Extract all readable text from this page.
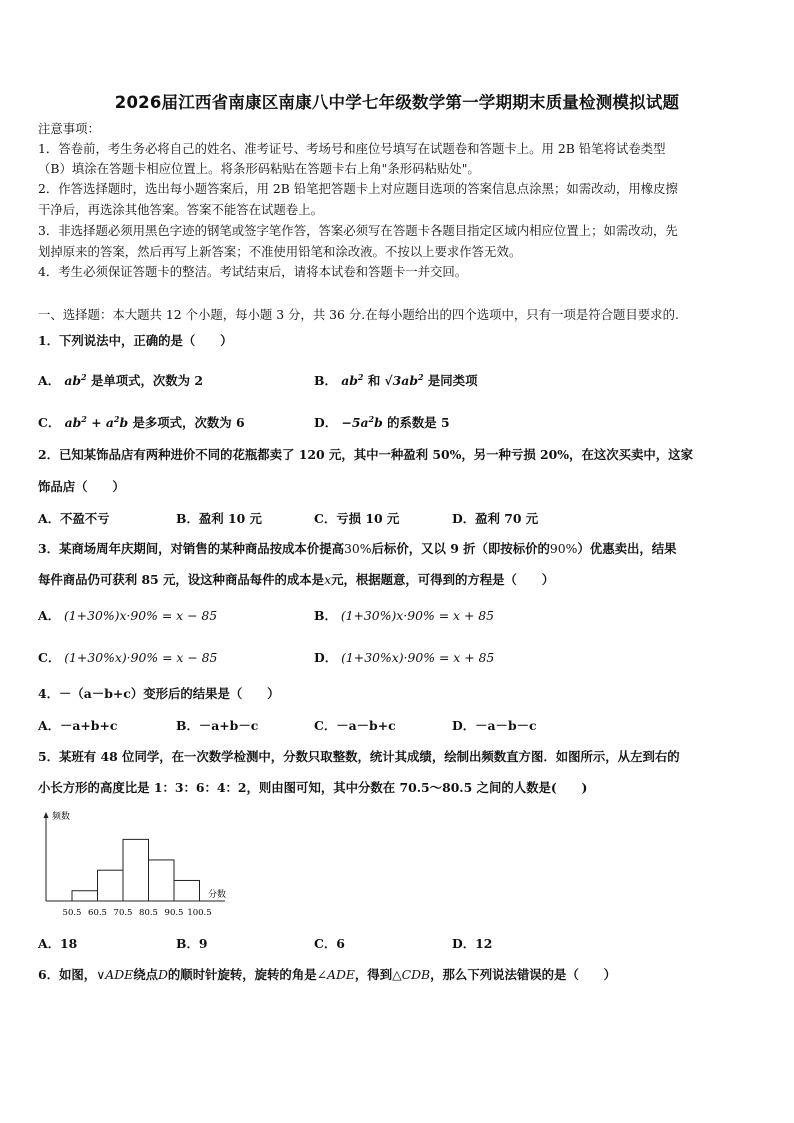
2026届江西省南康区南康八中学七年级数学第一学期期末质量检测模拟试题
注意事项：
1．答卷前，考生务必将自己的姓名、准考证号、考场号和座位号填写在试题卷和答题卡上。用 2B 铅笔将试卷类型
（B）填涂在答题卡相应位置上。将条形码粘贴在答题卡右上角"条形码粘贴处"。
2．作答选择题时，选出每小题答案后，用 2B 铅笔把答题卡上对应题目选项的答案信息点涂黑；如需改动，用橡皮擦
干净后，再选涂其他答案。答案不能答在试题卷上。
3．非选择题必须用黑色字迹的钢笔或签字笔作答，答案必须写在答题卡各题目指定区域内相应位置上；如需改动，先
划掉原来的答案，然后再写上新答案；不准使用铅笔和涂改液。不按以上要求作答无效。
4．考生必须保证答题卡的整洁。考试结束后，请将本试卷和答题卡一并交回。
一、选择题：本大题共 12 个小题，每小题 3 分，共 36 分.在每小题给出的四个选项中，只有一项是符合题目要求的.
1．下列说法中，正确的是（　　）
A． $ab^2$ 是单项式，次数为 2	B． $ab^2$ 和 $√3ab^2$ 是同类项
C． $ab^2 + a^2b$ 是多项式，次数为 6	D． $-5a^2b$ 的系数是 5
2．已知某饰品店有两种进价不同的花瓶都卖了 120 元，其中一种盈利 50%，另一种亏损 20%，在这次买卖中，这家
饰品店（　　）
A．不盈不亏	B．盈利 10 元	C．亏损 10 元	D．盈利 70 元
3．某商场周年庆期间，对销售的某种商品按成本价提高30%后标价，又以 9 折（即按标价的90%）优惠卖出，结果
每件商品仍可获利 85 元，设这种商品每件的成本是x元，根据题意，可得到的方程是（　　）
A． (1+30%)x·90% = x − 85	B． (1+30%)x·90% = x + 85
C． (1+30%x)·90% = x − 85	D． (1+30%x)·90% = x + 85
4．－（a－b+c）变形后的结果是（　　）
A．－a+b+c	B．－a+b－c	C．－a－b+c	D．－a－b－c
5．某班有 48 位同学，在一次数学检测中，分数只取整数，统计其成绩，绘制出频数直方图．如图所示，从左到右的
小长方形的高度比是 1：3：6：4：2，则由图可知，其中分数在 70.5～80.5 之间的人数是(　　)
50.5 60.5 70.5 80.5 90.5 100.5
频数
分数
A．18	B．9	C．6	D．12
6．如图，∨ADE绕点D的顺时针旋转，旋转的角是∠ADE，得到△CDB，那么下列说法错误的是（　　）
